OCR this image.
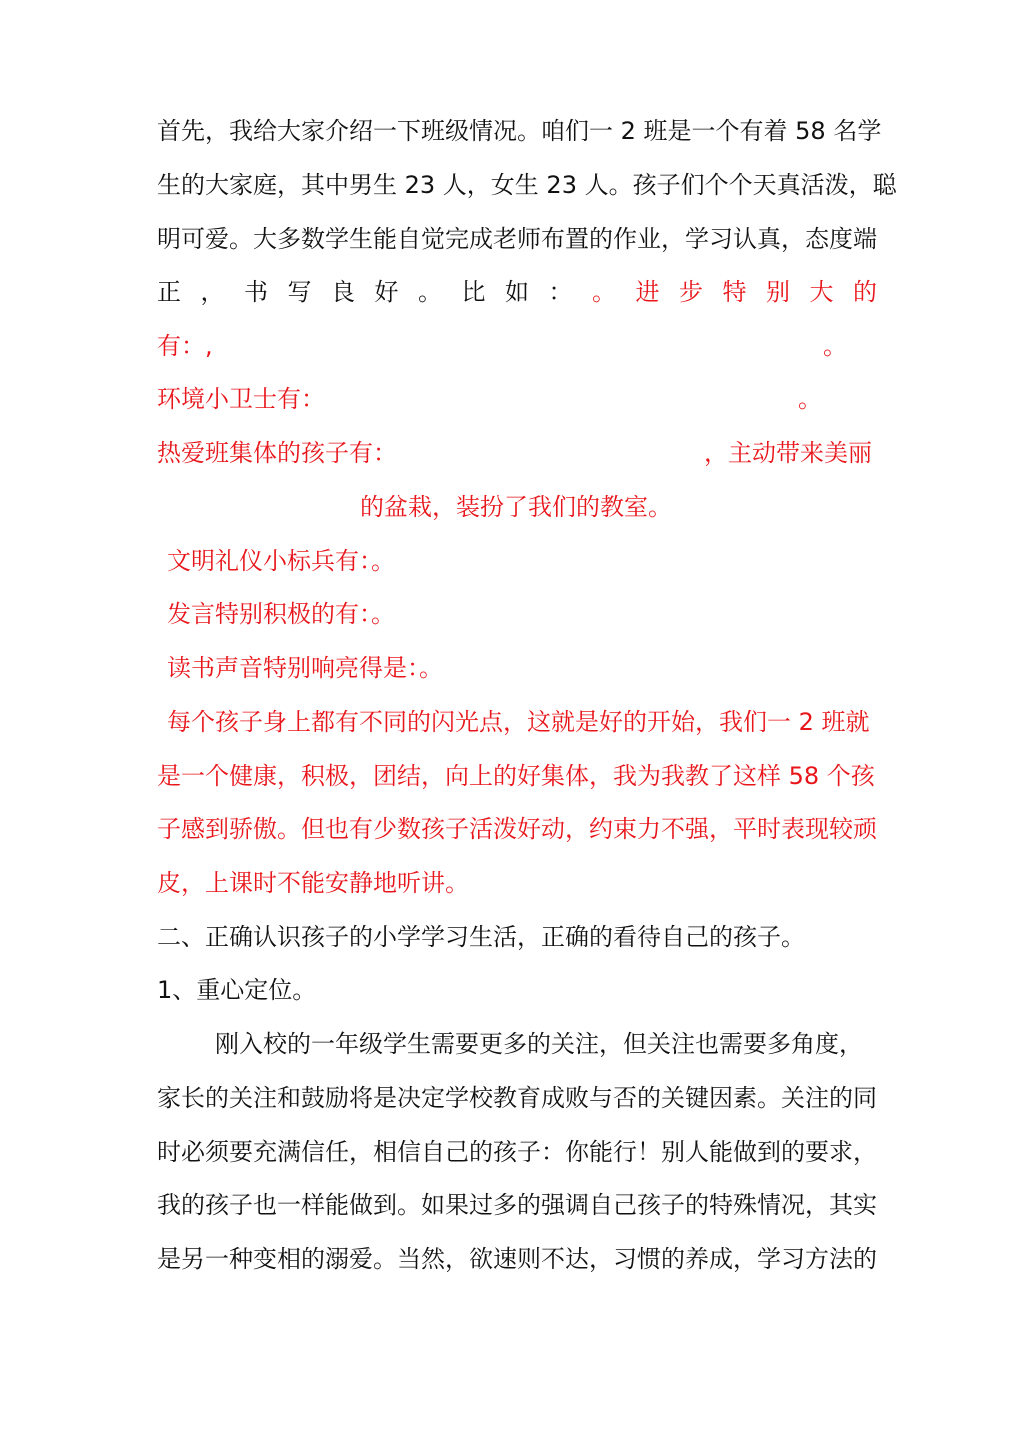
首先，我给大家介绍一下班级情况。咱们一 2 班是一个有着 58 名学
生的大家庭，其中男生 23 人，女生 23 人。孩子们个个天真活泼，聪
明可爱。大多数学生能自觉完成老师布置的作业，学习认真，态度端
正 ， 书 写 良 好 。 比 如 ： 。 进 步 特 别 大 的
有：,	。
环境小卫士有：	。
热爱班集体的孩子有：	，主动带来美丽
的盆栽，装扮了我们的教室。
文明礼仪小标兵有：。
发言特别积极的有：。
读书声音特别响亮得是：。
每个孩子身上都有不同的闪光点，这就是好的开始，我们一 2 班就
是一个健康，积极，团结，向上的好集体，我为我教了这样 58 个孩
子感到骄傲。但也有少数孩子活泼好动，约束力不强，平时表现较顽
皮，上课时不能安静地听讲。
二、正确认识孩子的小学学习生活，正确的看待自己的孩子。
1、重心定位。
刚入校的一年级学生需要更多的关注，但关注也需要多角度，
家长的关注和鼓励将是决定学校教育成败与否的关键因素。关注的同
时必须要充满信任，相信自己的孩子：你能行！别人能做到的要求，
我的孩子也一样能做到。如果过多的强调自己孩子的特殊情况，其实
是另一种变相的溺爱。当然，欲速则不达，习惯的养成，学习方法的
